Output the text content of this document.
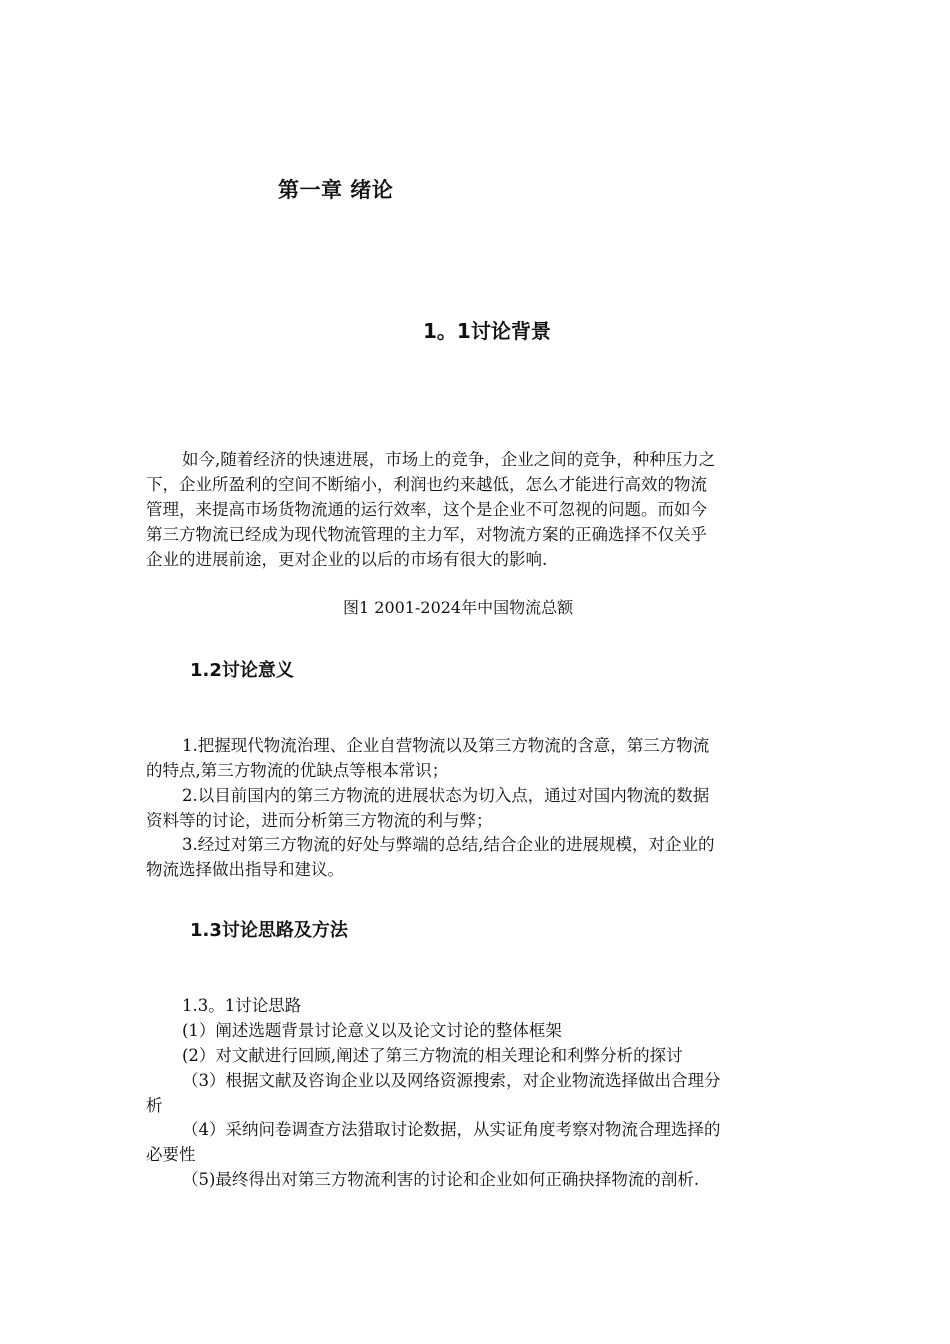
第一章 绪论
1。1讨论背景
如今,随着经济的快速进展，市场上的竞争，企业之间的竞争，种种压力之
下，企业所盈利的空间不断缩小，利润也约来越低，怎么才能进行高效的物流
管理，来提高市场货物流通的运行效率，这个是企业不可忽视的问题。而如今
第三方物流已经成为现代物流管理的主力军，对物流方案的正确选择不仅关乎
企业的进展前途，更对企业的以后的市场有很大的影响.
图1 2001-2024年中国物流总额
1.2讨论意义
1.把握现代物流治理、企业自营物流以及第三方物流的含意，第三方物流
的特点,第三方物流的优缺点等根本常识；
2.以目前国内的第三方物流的进展状态为切入点，通过对国内物流的数据
资料等的讨论，进而分析第三方物流的利与弊；
3.经过对第三方物流的好处与弊端的总结,结合企业的进展规模，对企业的
物流选择做出指导和建议。
1.3讨论思路及方法
1.3。1讨论思路
(1）阐述选题背景讨论意义以及论文讨论的整体框架
(2）对文献进行回顾,阐述了第三方物流的相关理论和利弊分析的探讨
（3）根据文献及咨询企业以及网络资源搜索，对企业物流选择做出合理分
析
（4）采纳问卷调查方法猎取讨论数据，从实证角度考察对物流合理选择的
必要性
（5)最终得出对第三方物流利害的讨论和企业如何正确抉择物流的剖析.
